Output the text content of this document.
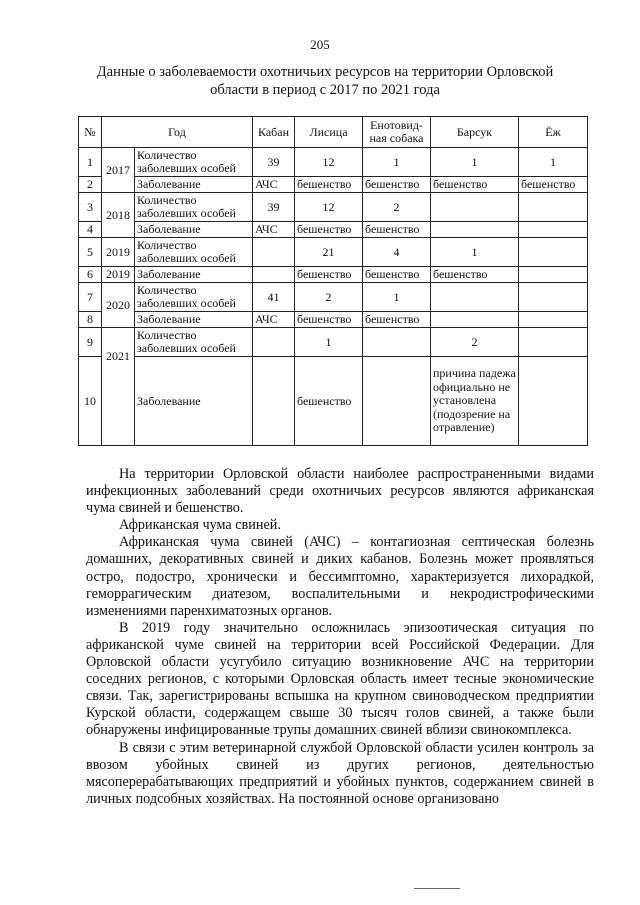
205
Данные о заболеваемости охотничьих ресурсов на территории Орловской
области в период с 2017 по 2021 года
№	Год		Кабан	Лисица	Енотовид-ная собака	Барсук	Ёж
1	2017	Количество заболевших особей	39	12	1	1	1
2		Заболевание	АЧС	бешенство	бешенство	бешенство	бешенство
3	2018	Количество заболевших особей	39	12	2		
4		Заболевание	АЧС	бешенство	бешенство		
5	2019	Количество заболевших особей		21	4	1	
6	2019	Заболевание		бешенство	бешенство	бешенство	
7	2020	Количество заболевших особей	41	2	1		
8		Заболевание	АЧС	бешенство	бешенство		
9	2021	Количество заболевших особей		1		2	
10		Заболевание		бешенство		причина падежа официально не установлена (подозрение на отравление)	

На территории Орловской области наиболее распространенными видами инфекционных заболеваний среди охотничьих ресурсов являются африканская чума свиней и бешенство.

Африканская чума свиней.

Африканская чума свиней (АЧС) – контагиозная септическая болезнь домашних, декоративных свиней и диких кабанов. Болезнь может проявляться остро, подостро, хронически и бессимптомно, характеризуется лихорадкой, геморрагическим диатезом, воспалительными и некродистрофическими изменениями паренхиматозных органов.

В 2019 году значительно осложнилась эпизоотическая ситуация по африканской чуме свиней на территории всей Российской Федерации. Для Орловской области усугубило ситуацию возникновение АЧС на территории соседних регионов, с которыми Орловская область имеет тесные экономические связи. Так, зарегистрированы вспышка на крупном свиноводческом предприятии Курской области, содержащем свыше 30 тысяч голов свиней, а также были обнаружены инфицированные трупы домашних свиней вблизи свинокомплекса.

В связи с этим ветеринарной службой Орловской области усилен контроль за ввозом убойных свиней из других регионов, деятельностью мясоперерабатывающих предприятий и убойных пунктов, содержанием свиней в личных подсобных хозяйствах. На постоянной основе организовано
